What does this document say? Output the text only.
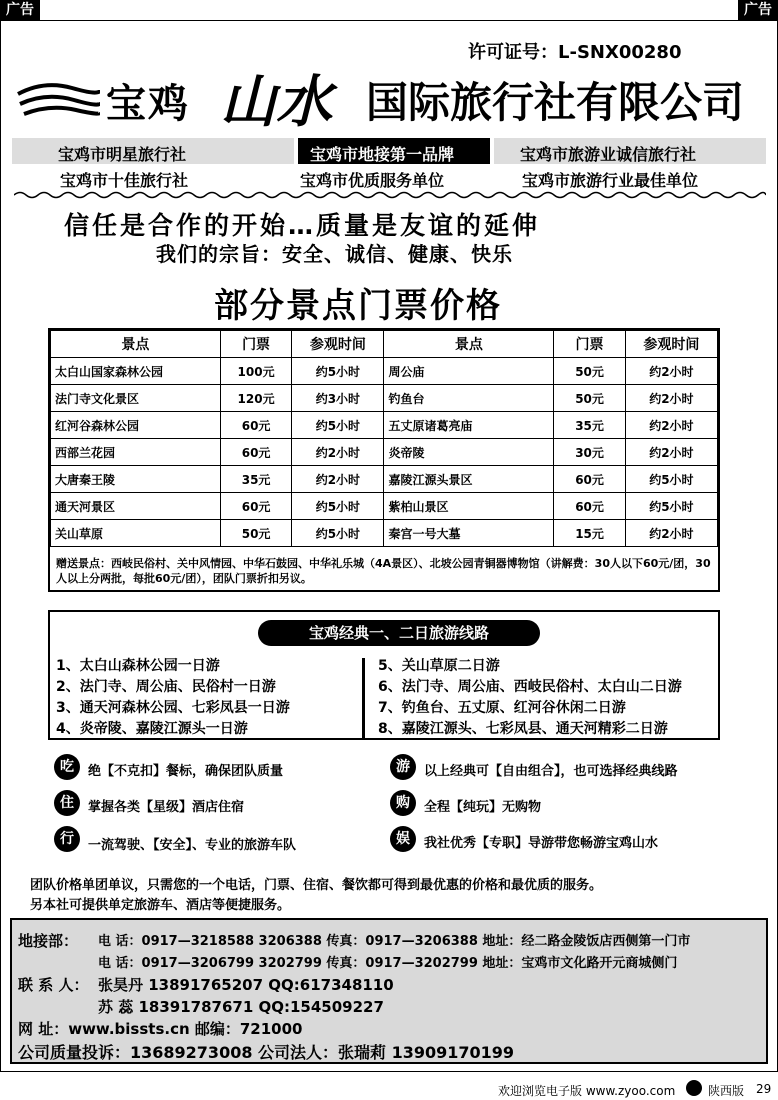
广告	广告
许可证号：L-SNX00280
宝鸡 山水 国际旅行社有限公司
宝鸡市明星旅行社	宝鸡市地接第一品牌	宝鸡市旅游业诚信旅行社
宝鸡市十佳旅行社	宝鸡市优质服务单位	宝鸡市旅游行业最佳单位
信任是合作的开始…质量是友谊的延伸
我们的宗旨：安全、诚信、健康、快乐
部分景点门票价格
景点	门票	参观时间	景点	门票	参观时间
太白山国家森林公园	100元	约5小时	周公庙	50元	约2小时
法门寺文化景区	120元	约3小时	钓鱼台	50元	约2小时
红河谷森林公园	60元	约5小时	五丈原诸葛亮庙	35元	约2小时
西部兰花园	60元	约2小时	炎帝陵	30元	约2小时
大唐秦王陵	35元	约2小时	嘉陵江源头景区	60元	约5小时
通天河景区	60元	约5小时	紫柏山景区	60元	约5小时
关山草原	50元	约5小时	秦宫一号大墓	15元	约2小时
赠送景点：西岐民俗村、关中风情园、中华石鼓园、中华礼乐城（4A景区）、北坡公园青铜器博物馆（讲解费：30人以下60元/团，30人以上分两批，每批60元/团），团队门票折扣另议。
宝鸡经典一、二日旅游线路
1、太白山森林公园一日游
2、法门寺、周公庙、民俗村一日游
3、通天河森林公园、七彩凤县一日游
4、炎帝陵、嘉陵江源头一日游
5、关山草原二日游
6、法门寺、周公庙、西岐民俗村、太白山二日游
7、钓鱼台、五丈原、红河谷休闲二日游
8、嘉陵江源头、七彩凤县、通天河精彩二日游
吃	绝【不克扣】餐标，确保团队质量	游	以上经典可【自由组合】，也可选择经典线路
住	掌握各类【星级】酒店住宿	购	全程【纯玩】无购物
行	一流驾驶、【安全】、专业的旅游车队	娱	我社优秀【专职】导游带您畅游宝鸡山水
团队价格单团单议，只需您的一个电话，门票、住宿、餐饮都可得到最优惠的价格和最优质的服务。
另本社可提供单定旅游车、酒店等便捷服务。
地接部： 电 话：0917—3218588 3206388 传真：0917—3206388 地址：经二路金陵饭店西侧第一门市
电 话：0917—3206799 3202799 传真：0917—3202799 地址：宝鸡市文化路开元商城侧门
联 系 人： 张昊丹 13891765207 QQ:617348110
苏 蕊 18391787671 QQ:154509227
网 址：www.bissts.cn 邮编：721000
公司质量投诉：13689273008 公司法人：张瑞莉 13909170199
欢迎浏览电子版 www.zyoo.com	陕西版 29
